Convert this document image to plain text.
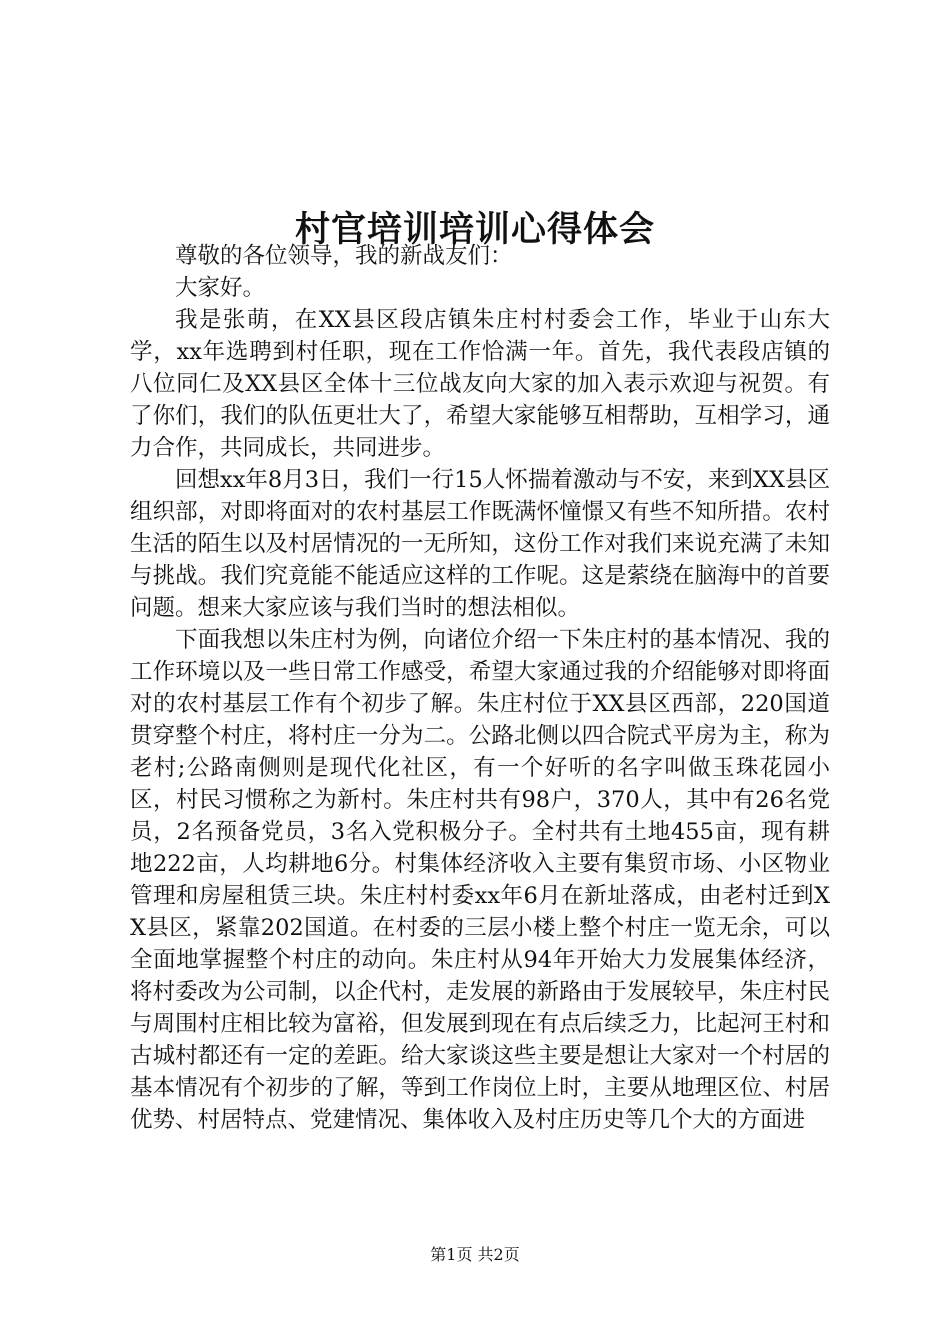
村官培训培训心得体会

尊敬的各位领导，我的新战友们：

大家好。

我是张萌，在XX县区段店镇朱庄村村委会工作，毕业于山东大学，xx年选聘到村任职，现在工作恰满一年。首先，我代表段店镇的八位同仁及XX县区全体十三位战友向大家的加入表示欢迎与祝贺。有了你们，我们的队伍更壮大了，希望大家能够互相帮助，互相学习，通力合作，共同成长，共同进步。

回想xx年8月3日，我们一行15人怀揣着激动与不安，来到XX县区组织部，对即将面对的农村基层工作既满怀憧憬又有些不知所措。农村生活的陌生以及村居情况的一无所知，这份工作对我们来说充满了未知与挑战。我们究竟能不能适应这样的工作呢。这是萦绕在脑海中的首要问题。想来大家应该与我们当时的想法相似。

下面我想以朱庄村为例，向诸位介绍一下朱庄村的基本情况、我的工作环境以及一些日常工作感受，希望大家通过我的介绍能够对即将面对的农村基层工作有个初步了解。朱庄村位于XX县区西部，220国道贯穿整个村庄，将村庄一分为二。公路北侧以四合院式平房为主，称为老村;公路南侧则是现代化社区，有一个好听的名字叫做玉珠花园小区，村民习惯称之为新村。朱庄村共有98户，370人，其中有26名党员，2名预备党员，3名入党积极分子。全村共有土地455亩，现有耕地222亩，人均耕地6分。村集体经济收入主要有集贸市场、小区物业管理和房屋租赁三块。朱庄村村委xx年6月在新址落成，由老村迁到XX县区，紧靠202国道。在村委的三层小楼上整个村庄一览无余，可以全面地掌握整个村庄的动向。朱庄村从94年开始大力发展集体经济，将村委改为公司制，以企代村，走发展的新路由于发展较早，朱庄村民与周围村庄相比较为富裕，但发展到现在有点后续乏力，比起河王村和古城村都还有一定的差距。给大家谈这些主要是想让大家对一个村居的基本情况有个初步的了解，等到工作岗位上时，主要从地理区位、村居优势、村居特点、党建情况、集体收入及村庄历史等几个大的方面进

第1页 共2页
